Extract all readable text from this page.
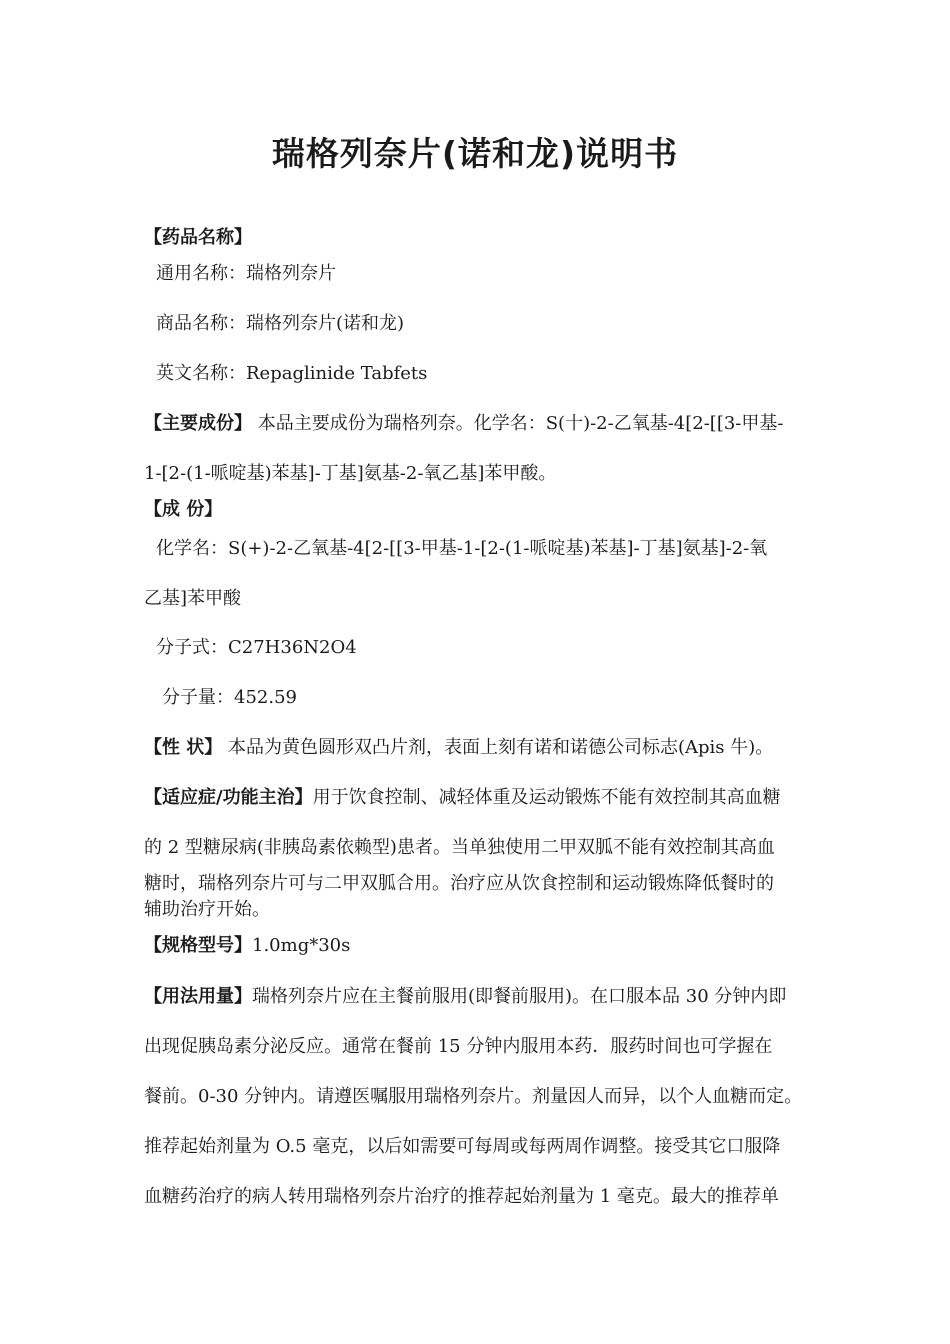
瑞格列奈片(诺和龙)说明书
【药品名称】
通用名称：瑞格列奈片
商品名称：瑞格列奈片(诺和龙)
英文名称：Repaglinide Tabfets
【主要成份】 本品主要成份为瑞格列奈。化学名：S(十)-2-乙氧基-4[2-[[3-甲基-
1-[2-(1-哌啶基)苯基]-丁基]氨基-2-氧乙基]苯甲酸。
【成 份】
化学名：S(+)-2-乙氧基-4[2-[[3-甲基-1-[2-(1-哌啶基)苯基]-丁基]氨基]-2-氧
乙基]苯甲酸
分子式：C27H36N2O4
分子量：452.59
【性 状】 本品为黄色圆形双凸片剂，表面上刻有诺和诺德公司标志(Apis 牛)。
【适应症/功能主治】用于饮食控制、减轻体重及运动锻炼不能有效控制其高血糖
的 2 型糖尿病(非胰岛素依赖型)患者。当单独使用二甲双胍不能有效控制其高血
糖时，瑞格列奈片可与二甲双胍合用。治疗应从饮食控制和运动锻炼降低餐时的
辅助治疗开始。
【规格型号】1.0mg*30s
【用法用量】瑞格列奈片应在主餐前服用(即餐前服用)。在口服本品 30 分钟内即
出现促胰岛素分泌反应。通常在餐前 15 分钟内服用本药．服药时间也可学握在
餐前。0-30 分钟内。请遵医嘱服用瑞格列奈片。剂量因人而异，以个人血糖而定。
推荐起始剂量为 O.5 毫克，以后如需要可每周或每两周作调整。接受其它口服降
血糖药治疗的病人转用瑞格列奈片治疗的推荐起始剂量为 1 毫克。最大的推荐单
